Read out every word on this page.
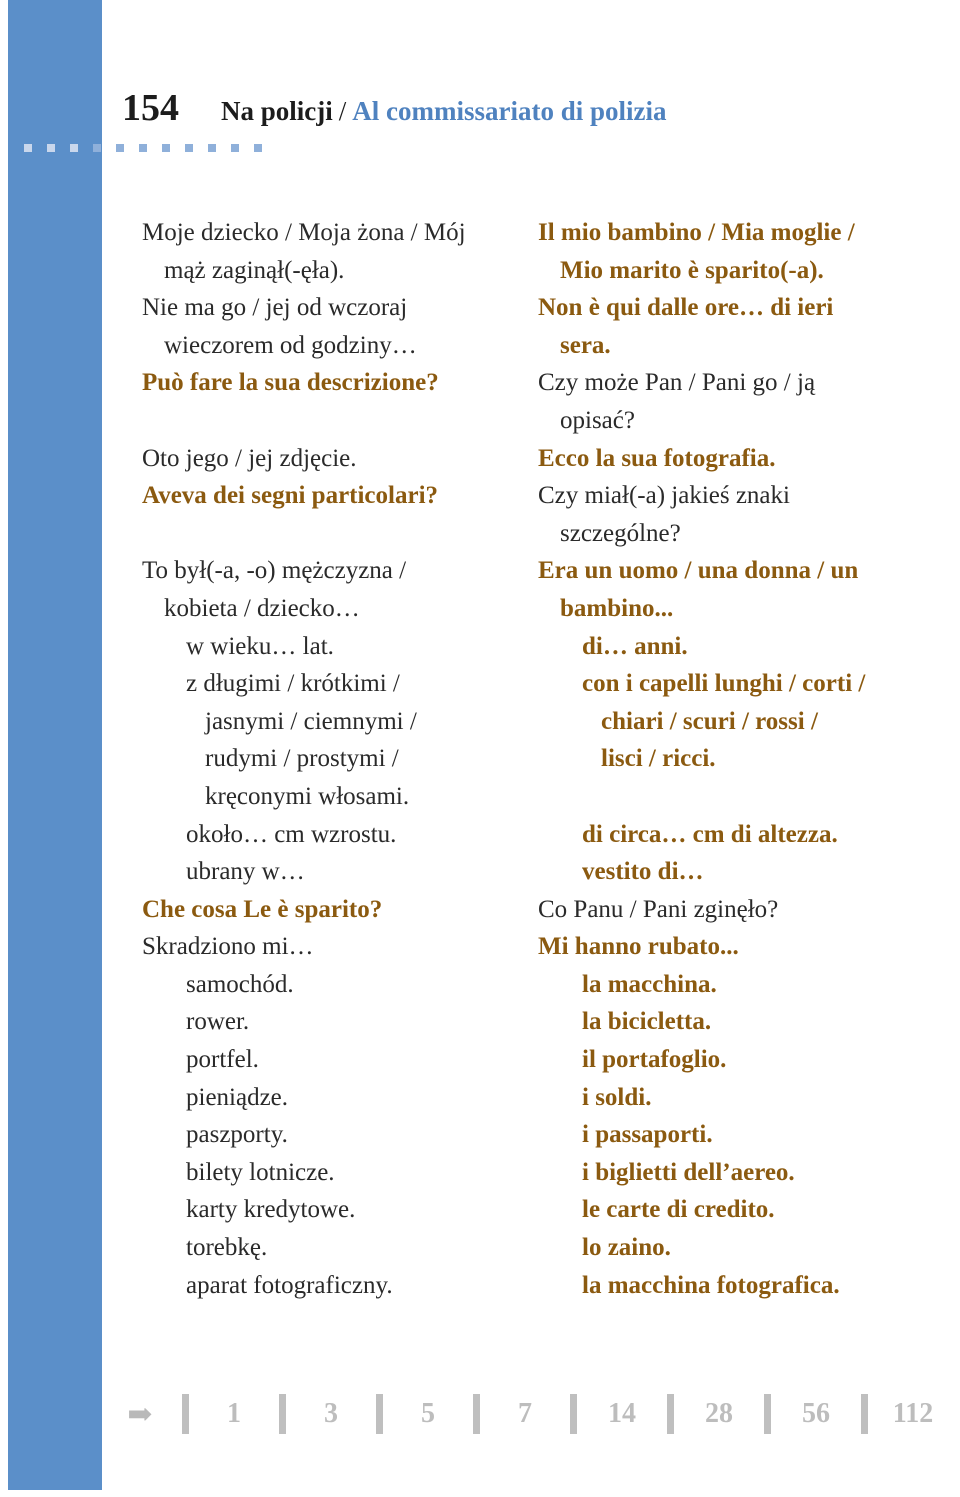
154 Na policji / Al commissariato di polizia
Moje dziecko / Moja żona / Mój
mąż zaginął(-ęła).
Nie ma go / jej od wczoraj
wieczorem od godziny…
Può fare la sua descrizione?
Oto jego / jej zdjęcie.
Aveva dei segni particolari?
To był(-a, -o) mężczyzna /
kobieta / dziecko…
w wieku… lat.
z długimi / krótkimi /
jasnymi / ciemnymi /
rudymi / prostymi /
kręconymi włosami.
około… cm wzrostu.
ubrany w…
Che cosa Le è sparito?
Skradziono mi…
samochód.
rower.
portfel.
pieniądze.
paszporty.
bilety lotnicze.
karty kredytowe.
torebkę.
aparat fotograficzny.
Il mio bambino / Mia moglie /
Mio marito è sparito(-a).
Non è qui dalle ore… di ieri
sera.
Czy może Pan / Pani go / ją
opisać?
Ecco la sua fotografia.
Czy miał(-a) jakieś znaki
szczególne?
Era un uomo / una donna / un
bambino...
di… anni.
con i capelli lunghi / corti /
chiari / scuri / rossi /
lisci / ricci.
di circa… cm di altezza.
vestito di…
Co Panu / Pani zginęło?
Mi hanno rubato...
la macchina.
la bicicletta.
il portafoglio.
i soldi.
i passaporti.
i biglietti dell’aereo.
le carte di credito.
lo zaino.
la macchina fotografica.
➡	1	3	5	7	14	28	56	112
